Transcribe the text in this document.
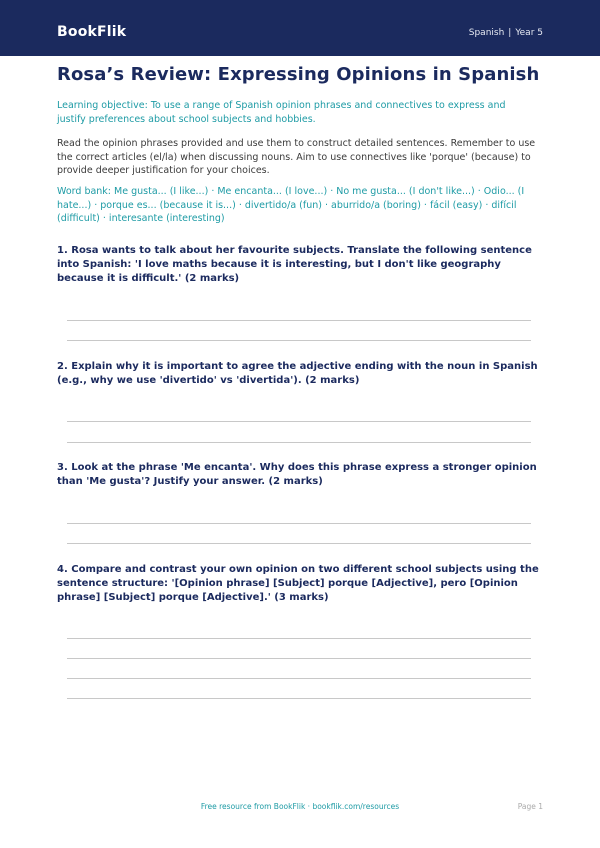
BookFlik	Spanish | Year 5
Rosa’s Review: Expressing Opinions in Spanish

Learning objective: To use a range of Spanish opinion phrases and connectives to express and justify preferences about school subjects and hobbies.

Read the opinion phrases provided and use them to construct detailed sentences. Remember to use the correct articles (el/la) when discussing nouns. Aim to use connectives like 'porque' (because) to provide deeper justification for your choices.

Word bank: Me gusta... (I like...) · Me encanta... (I love...) · No me gusta... (I don't like...) · Odio... (I hate...) · porque es... (because it is...) · divertido/a (fun) · aburrido/a (boring) · fácil (easy) · difícil (difficult) · interesante (interesting)

1. Rosa wants to talk about her favourite subjects. Translate the following sentence into Spanish: 'I love maths because it is interesting, but I don't like geography because it is difficult.' (2 marks)

2. Explain why it is important to agree the adjective ending with the noun in Spanish (e.g., why we use 'divertido' vs 'divertida'). (2 marks)

3. Look at the phrase 'Me encanta'. Why does this phrase express a stronger opinion than 'Me gusta'? Justify your answer. (2 marks)

4. Compare and contrast your own opinion on two different school subjects using the sentence structure: '[Opinion phrase] [Subject] porque [Adjective], pero [Opinion phrase] [Subject] porque [Adjective].' (3 marks)

Free resource from BookFlik · bookflik.com/resources	Page 1
